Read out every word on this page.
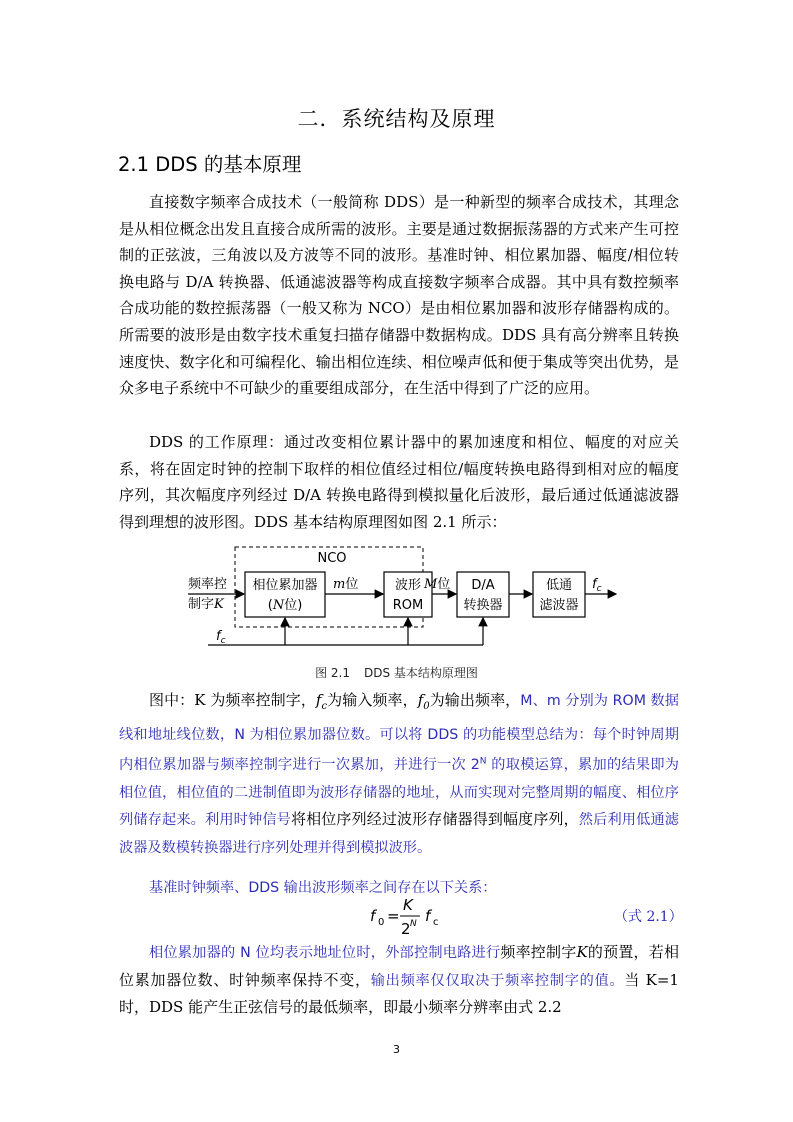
二．系统结构及原理
2.1 DDS 的基本原理

直接数字频率合成技术（一般简称 DDS）是一种新型的频率合成技术，其理念是从相位概念出发且直接合成所需的波形。主要是通过数据振荡器的方式来产生可控制的正弦波，三角波以及方波等不同的波形。基准时钟、相位累加器、幅度/相位转换电路与 D/A 转换器、低通滤波器等构成直接数字频率合成器。其中具有数控频率合成功能的数控振荡器（一般又称为 NCO）是由相位累加器和波形存储器构成的。所需要的波形是由数字技术重复扫描存储器中数据构成。DDS 具有高分辨率且转换速度快、数字化和可编程化、输出相位连续、相位噪声低和便于集成等突出优势，是众多电子系统中不可缺少的重要组成部分，在生活中得到了广泛的应用。

DDS 的工作原理：通过改变相位累计器中的累加速度和相位、幅度的对应关系，将在固定时钟的控制下取样的相位值经过相位/幅度转换电路得到相对应的幅度序列，其次幅度序列经过 D/A 转换电路得到模拟量化后波形，最后通过低通滤波器得到理想的波形图。DDS 基本结构原理图如图 2.1 所示：

NCO
频率控
制字K
相位累加器
(N位)
m位	波形
ROM
M位 D/A
转换器
低通
滤波器
$f_c$
$f_c$
图 2.1 DDS 基本结构原理图

图中：K 为频率控制字，$f_c$为输入频率，$f_0$为输出频率，M、m 分别为 ROM 数据线和地址线位数，N 为相位累加器位数。可以将 DDS 的功能模型总结为：每个时钟周期内相位累加器与频率控制字进行一次累加，并进行一次 $2^N$ 的取模运算，累加的结果即为相位值，相位值的二进制值即为波形存储器的地址，从而实现对完整周期的幅度、相位序列储存起来。利用时钟信号将相位序列经过波形存储器得到幅度序列，然后利用低通滤波器及数模转换器进行序列处理并得到模拟波形。

基准时钟频率、DDS 输出波形频率之间存在以下关系：

f 0 =
K
2 N f c	（式 2.1）

相位累加器的 N 位均表示地址位时，外部控制电路进行频率控制字K的预置，若相位累加器位数、时钟频率保持不变，输出频率仅仅取决于频率控制字的值。当 K=1 时，DDS 能产生正弦信号的最低频率，即最小频率分辨率由式 2.2

3
